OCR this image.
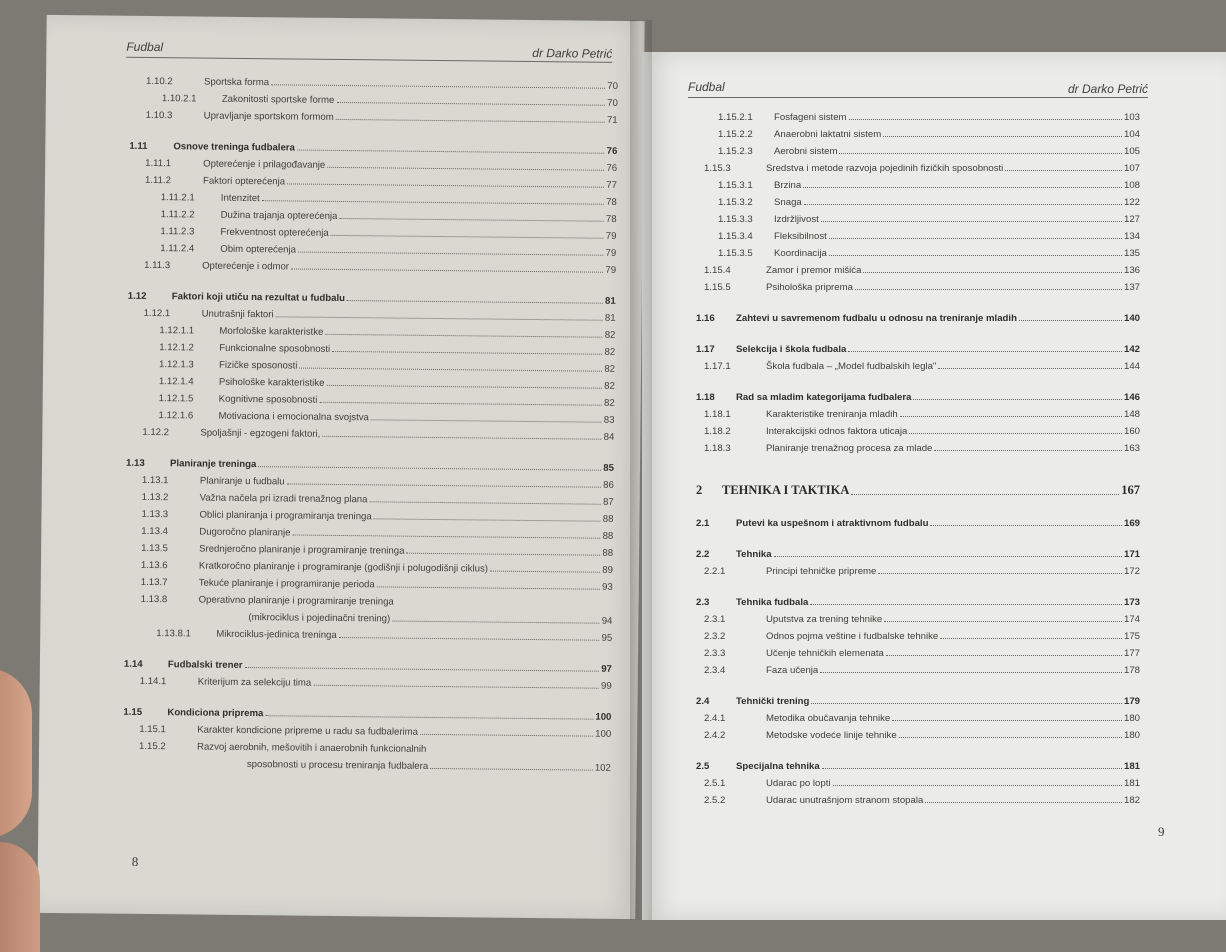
Fudbal	dr Darko Petrić
1.10.2	Sportska forma	70
1.10.2.1	Zakonitosti sportske forme	70
1.10.3	Upravljanje sportskom formom	71
1.11	Osnove treninga fudbalera	76
1.11.1	Opterećenje i prilagođavanje	76
1.11.2	Faktori opterećenja	77
1.11.2.1	Intenzitet	78
1.11.2.2	Dužina trajanja opterećenja	78
1.11.2.3	Frekventnost opterećenja	79
1.11.2.4	Obim opterećenja	79
1.11.3	Opterećenje i odmor	79
1.12	Faktori koji utiču na rezultat u fudbalu	81
1.12.1	Unutrašnji faktori	81
1.12.1.1	Morfološke karakteristke	82
1.12.1.2	Funkcionalne sposobnosti	82
1.12.1.3	Fizičke sposonosti	82
1.12.1.4	Psihološke karakteristike	82
1.12.1.5	Kognitivne sposobnosti	82
1.12.1.6	Motivaciona i emocionalna svojstva	83
1.12.2	Spoljašnji - egzogeni faktori,	84
1.13	Planiranje treninga	85
1.13.1	Planiranje u fudbalu	86
1.13.2	Važna načela pri izradi trenažnog plana	87
1.13.3	Oblici planiranja i programiranja treninga	88
1.13.4	Dugoročno planiranje	88
1.13.5	Srednjeročno planiranje i programiranje treninga	88
1.13.6	Kratkoročno planiranje i programiranje (godišnji i polugodišnji ciklus)	89
1.13.7	Tekuće planiranje i programiranje perioda	93
1.13.8	Operativno planiranje i programiranje treninga
(mikrociklus i pojedinačni trening)	94
1.13.8.1	Mikrociklus-jedinica treninga	95
1.14	Fudbalski trener	97
1.14.1	Kriterijum za selekciju tima	99
1.15	Kondiciona priprema	100
1.15.1	Karakter kondicione pripreme u radu sa fudbalerima	100
1.15.2	Razvoj aerobnih, mešovitih i anaerobnih funkcionalnih
sposobnosti u procesu treniranja fudbalera	102
8
Fudbal	dr Darko Petrić
1.15.2.1	Fosfageni sistem	103
1.15.2.2	Anaerobni laktatni sistem	104
1.15.2.3	Aerobni sistem	105
1.15.3	Sredstva i metode razvoja pojedinih fizičkih sposobnosti	107
1.15.3.1	Brzina	108
1.15.3.2	Snaga	122
1.15.3.3	Izdržljivost	127
1.15.3.4	Fleksibilnost	134
1.15.3.5	Koordinacija	135
1.15.4	Zamor i premor mišića	136
1.15.5	Psihološka priprema	137
1.16	Zahtevi u savremenom fudbalu u odnosu na treniranje mladih	140
1.17	Selekcija i škola fudbala	142
1.17.1	Škola fudbala – „Model fudbalskih legla"	144
1.18	Rad sa mladim kategorijama fudbalera	146
1.18.1	Karakteristike treniranja mladih	148
1.18.2	Interakcijski odnos faktora uticaja	160
1.18.3	Planiranje trenažnog procesa za mlade	163
2	TEHNIKA I TAKTIKA	167
2.1	Putevi ka uspešnom i atraktivnom fudbalu	169
2.2	Tehnika	171
2.2.1	Principi tehničke pripreme	172
2.3	Tehnika fudbala	173
2.3.1	Uputstva za trening tehnike	174
2.3.2	Odnos pojma veštine i fudbalske tehnike	175
2.3.3	Učenje tehničkih elemenata	177
2.3.4	Faza učenja	178
2.4	Tehnički trening	179
2.4.1	Metodika obučavanja tehnike	180
2.4.2	Metodske vodeće linije tehnike	180
2.5	Specijalna tehnika	181
2.5.1	Udarac po lopti	181
2.5.2	Udarac unutrašnjom stranom stopala	182
9
